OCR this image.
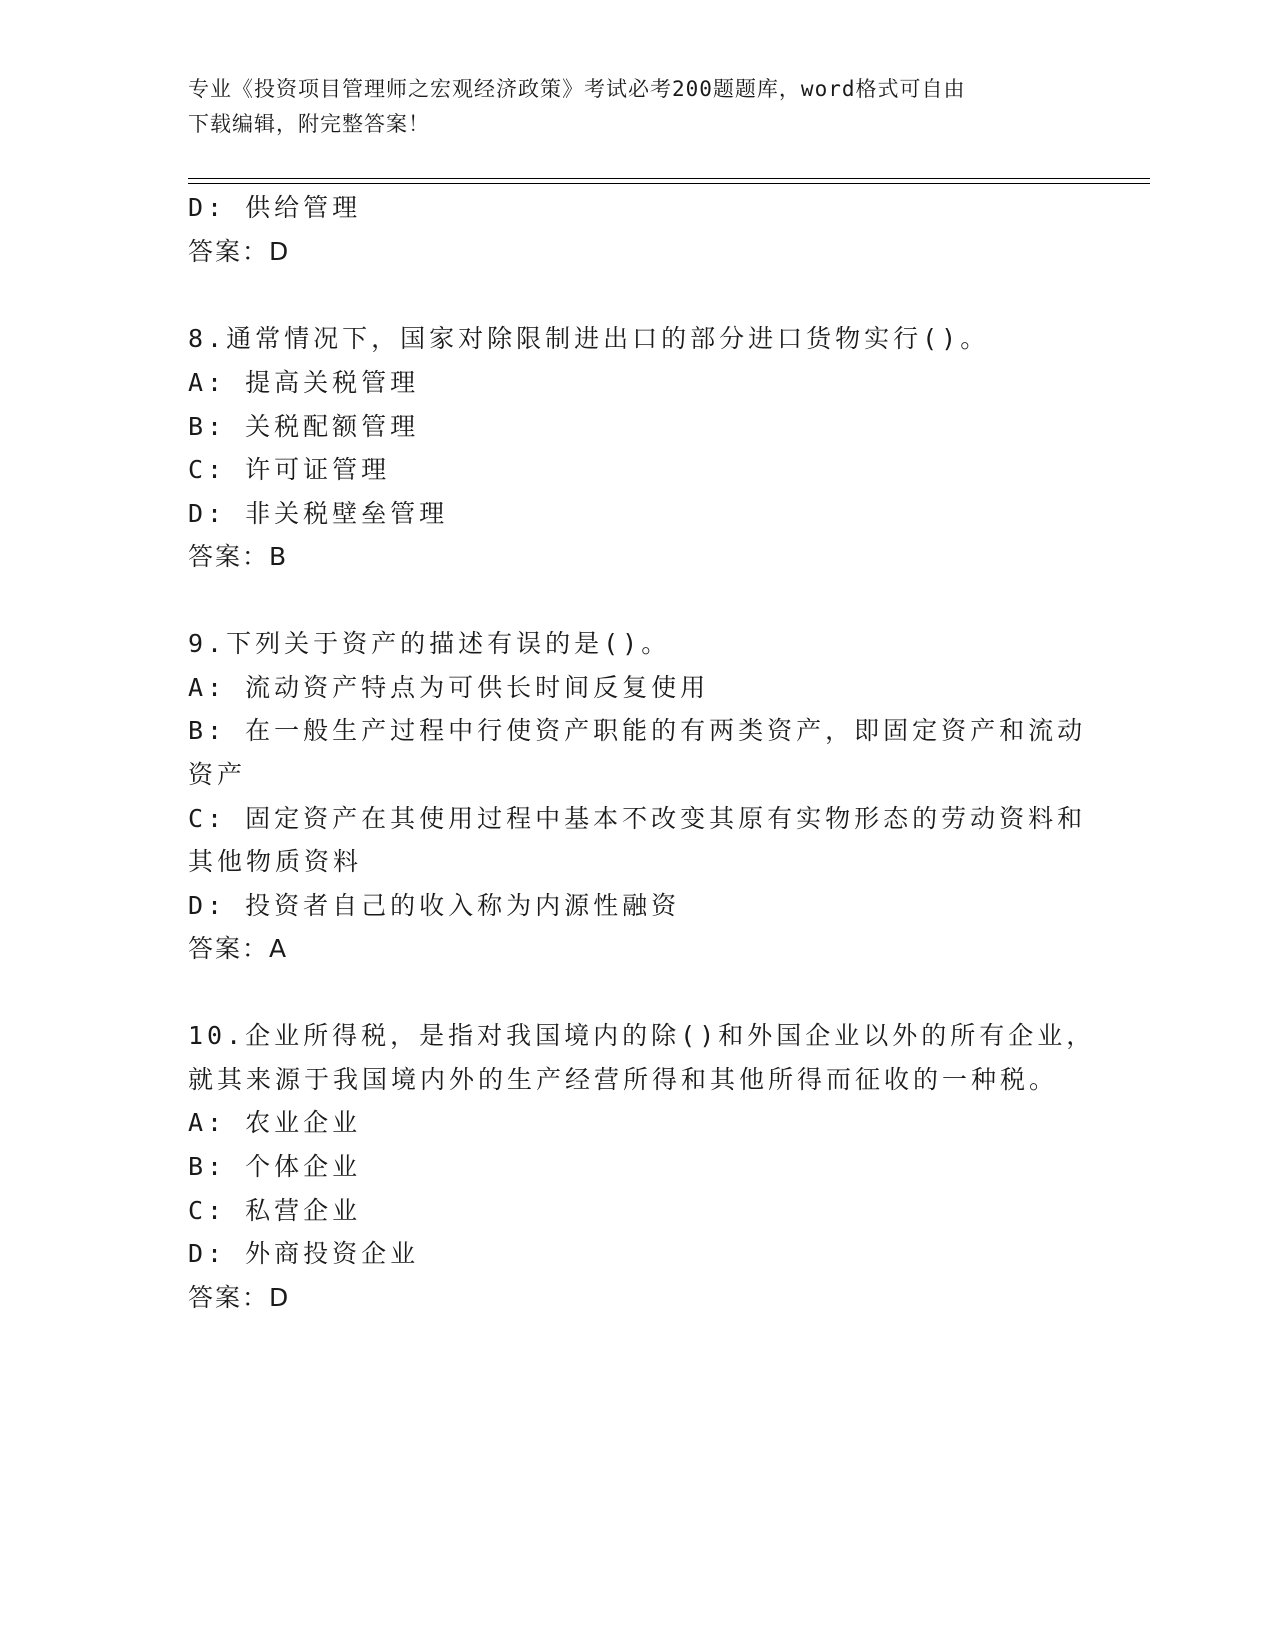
专业《投资项目管理师之宏观经济政策》考试必考200题题库，word格式可自由
下载编辑，附完整答案！
D: 供给管理
答案：D
8.通常情况下，国家对除限制进出口的部分进口货物实行()。
A: 提高关税管理
B: 关税配额管理
C: 许可证管理
D: 非关税壁垒管理
答案：B
9.下列关于资产的描述有误的是()。
A: 流动资产特点为可供长时间反复使用
B: 在一般生产过程中行使资产职能的有两类资产，即固定资产和流动
资产
C: 固定资产在其使用过程中基本不改变其原有实物形态的劳动资料和
其他物质资料
D: 投资者自己的收入称为内源性融资
答案：A
10.企业所得税，是指对我国境内的除()和外国企业以外的所有企业，
就其来源于我国境内外的生产经营所得和其他所得而征收的一种税。
A: 农业企业
B: 个体企业
C: 私营企业
D: 外商投资企业
答案：D
